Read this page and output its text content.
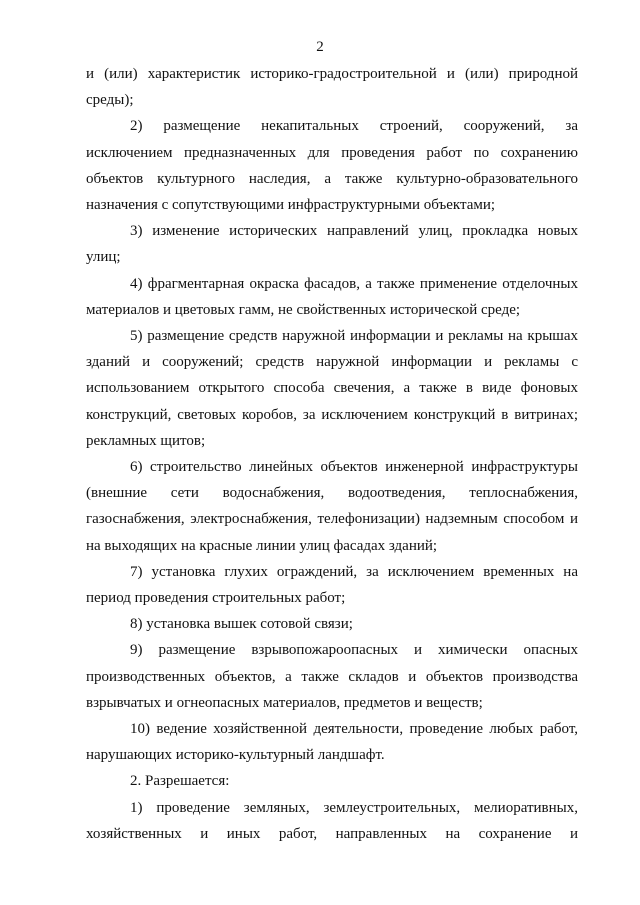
2

и (или) характеристик историко-градостроительной и (или) природной среды);

2) размещение некапитальных строений, сооружений, за исключением предназначенных для проведения работ по сохранению объектов культурного наследия, а также культурно-образовательного назначения с сопутствующими инфраструктурными объектами;

3) изменение исторических направлений улиц, прокладка новых улиц;

4) фрагментарная окраска фасадов, а также применение отделочных материалов и цветовых гамм, не свойственных исторической среде;

5) размещение средств наружной информации и рекламы на крышах зданий и сооружений; средств наружной информации и рекламы с использованием открытого способа свечения, а также в виде фоновых конструкций, световых коробов, за исключением конструкций в витринах; рекламных щитов;

6) строительство линейных объектов инженерной инфраструктуры (внешние сети водоснабжения, водоотведения, теплоснабжения, газоснабжения, электроснабжения, телефонизации) надземным способом и на выходящих на красные линии улиц фасадах зданий;

7) установка глухих ограждений, за исключением временных на период проведения строительных работ;

8) установка вышек сотовой связи;

9) размещение взрывопожароопасных и химически опасных производственных объектов, а также складов и объектов производства взрывчатых и огнеопасных материалов, предметов и веществ;

10) ведение хозяйственной деятельности, проведение любых работ, нарушающих историко-культурный ландшафт.

2. Разрешается:

1) проведение земляных, землеустроительных, мелиоративных, хозяйственных и иных работ, направленных на сохранение и
